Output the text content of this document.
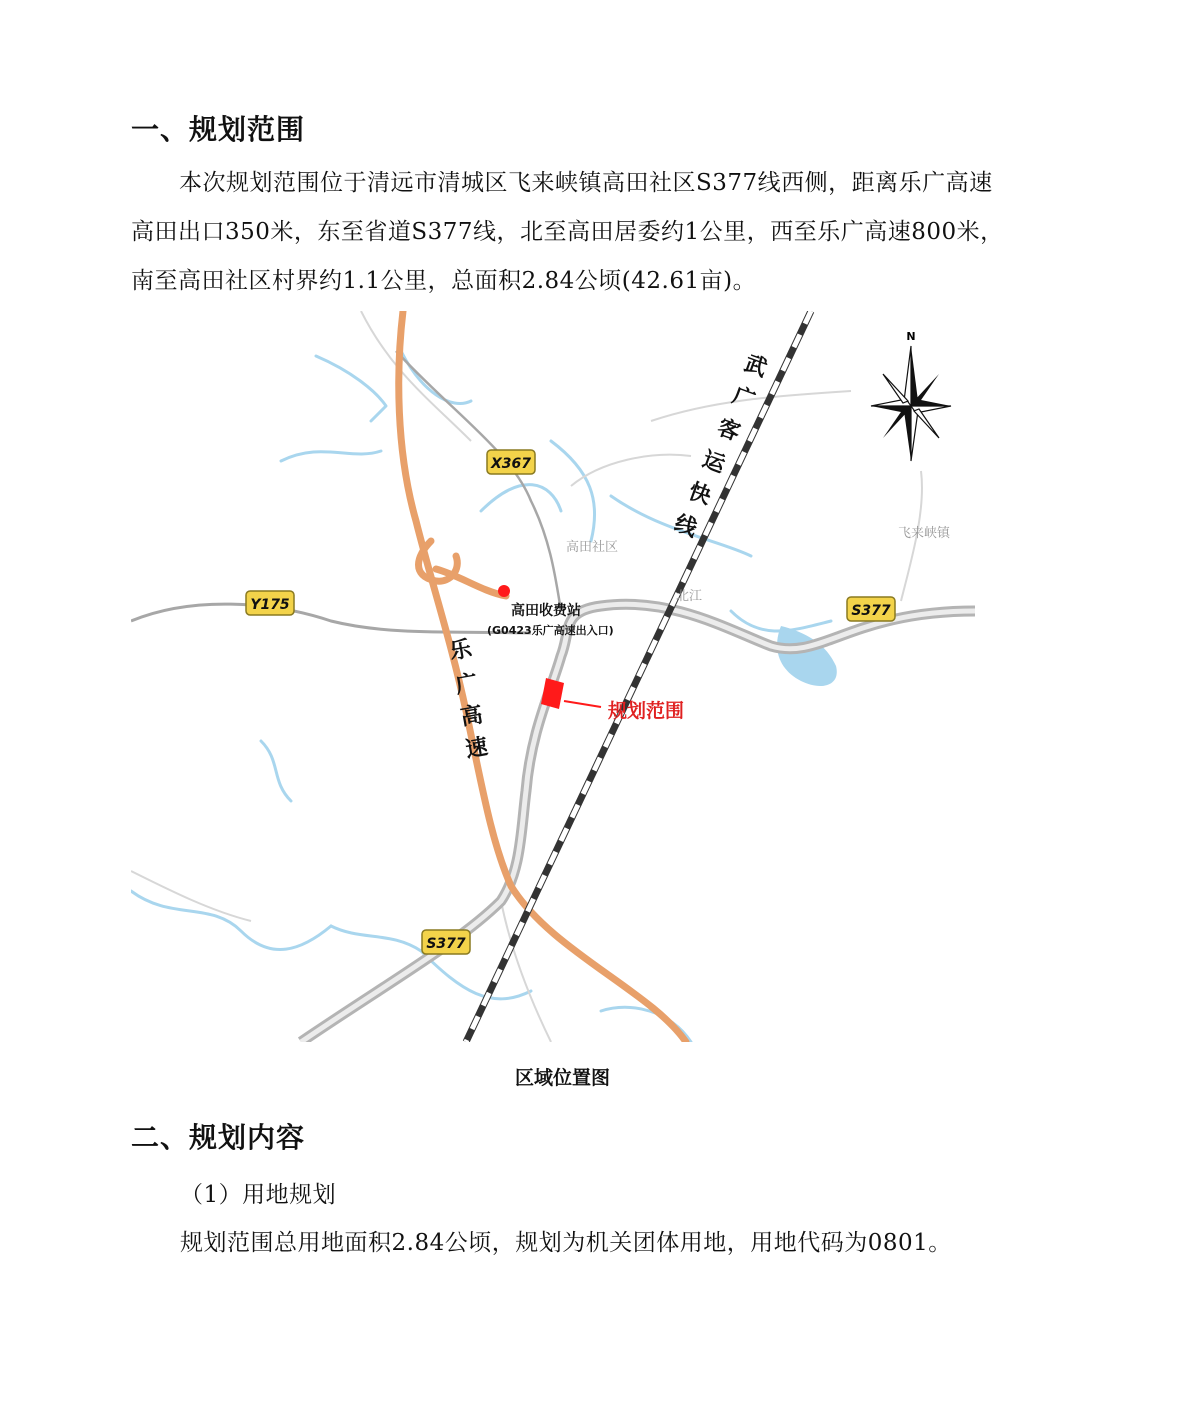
一、规划范围

本次规划范围位于清远市清城区飞来峡镇高田社区S377线西侧，距离乐广高速高田出口350米，东至省道S377线，北至高田居委约1公里，西至乐广高速800米，南至高田社区村界约1.1公里，总面积2.84公顷(42.61亩)。

N
武
广
客
运
快
线
乐
广
高
速
X367
Y175	S377
S377
高田社区
飞来峡镇
北江
高田收费站
(G0423乐广高速出入口)
规划范围

区域位置图

二、规划内容

（1）用地规划

规划范围总用地面积2.84公顷，规划为机关团体用地，用地代码为0801。
